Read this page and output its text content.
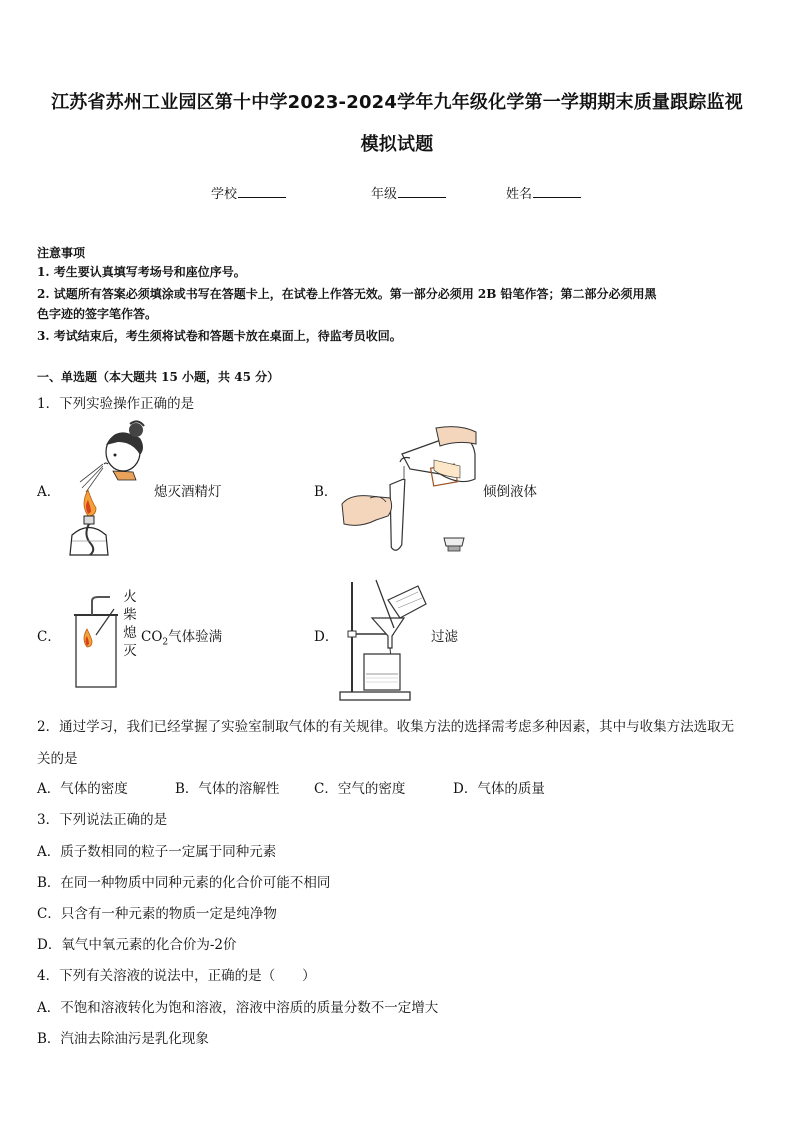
江苏省苏州工业园区第十中学2023-2024学年九年级化学第一学期期末质量跟踪监视
模拟试题
学校	年级	姓名
注意事项
1. 考生要认真填写考场号和座位序号。
2. 试题所有答案必须填涂或书写在答题卡上，在试卷上作答无效。第一部分必须用 2B 铅笔作答；第二部分必须用黑
色字迹的签字笔作答。
3. 考试结束后，考生须将试卷和答题卡放在桌面上，待监考员收回。
一、单选题（本大题共 15 小题，共 45 分）
1．下列实验操作正确的是
A．	熄灭酒精灯	B．	倾倒液体
C．
火
柴
熄
灭
$CO_2$气体验满	D．	过滤
2．通过学习，我们已经掌握了实验室制取气体的有关规律。收集方法的选择需考虑多种因素，其中与收集方法选取无
关的是
A．气体的密度	B．气体的溶解性	C．空气的密度	D．气体的质量
3．下列说法正确的是
A．质子数相同的粒子一定属于同种元素
B．在同一种物质中同种元素的化合价可能不相同
C．只含有一种元素的物质一定是纯净物
D．氧气中氧元素的化合价为-2价
4．下列有关溶液的说法中，正确的是（　　）
A．不饱和溶液转化为饱和溶液，溶液中溶质的质量分数不一定增大
B．汽油去除油污是乳化现象
